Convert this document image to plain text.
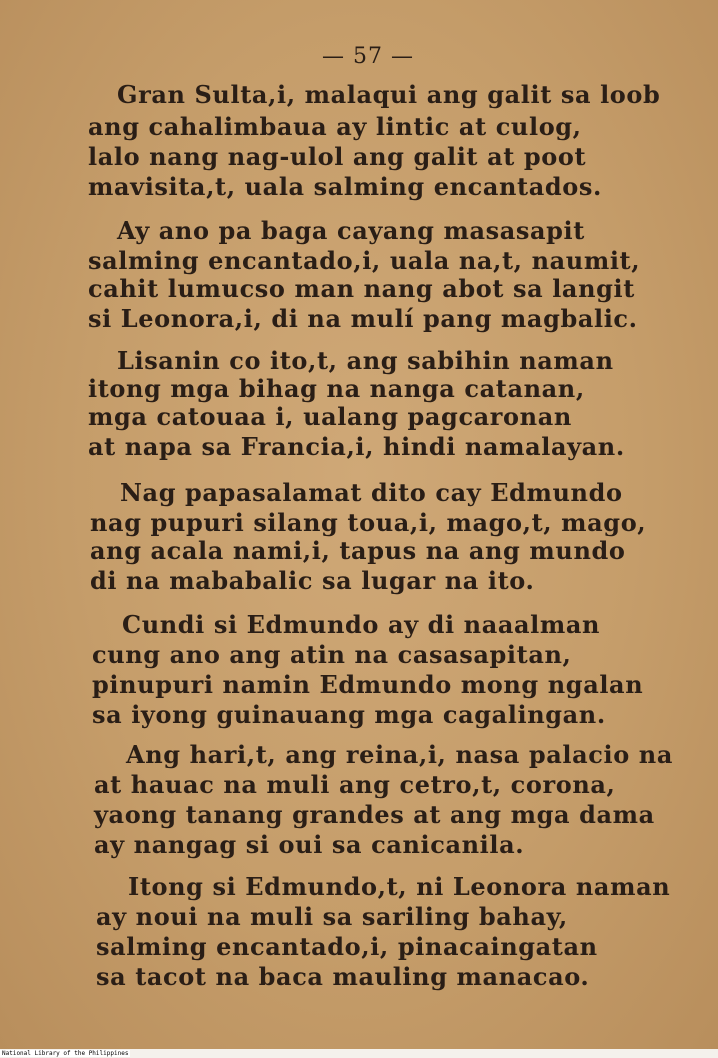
— 57 —
Gran Sulta,i, malaqui ang galit sa loob
ang cahalimbaua ay lintic at culog,
lalo nang nag-ulol ang galit at poot
mavisita,t, uala salming encantados.
Ay ano pa baga cayang masasapit
salming encantado,i, uala na,t, naumit,
cahit lumucso man nang abot sa langit
si Leonora,i, di na mulí pang magbalic.
Lisanin co ito,t, ang sabihin naman
itong mga bihag na nanga catanan,
mga catouaa i, ualang pagcaronan
at napa sa Francia,i, hindi namalayan.
Nag papasalamat dito cay Edmundo
nag pupuri silang toua,i, mago,t, mago,
ang acala nami,i, tapus na ang mundo
di na mababalic sa lugar na ito.
Cundi si Edmundo ay di naaalman
cung ano ang atin na casasapitan,
pinupuri namin Edmundo mong ngalan
sa iyong guinauang mga cagalingan.
Ang hari,t, ang reina,i, nasa palacio na
at hauac na muli ang cetro,t, corona,
yaong tanang grandes at ang mga dama
ay nangag si oui sa canicanila.
Itong si Edmundo,t, ni Leonora naman
ay noui na muli sa sariling bahay,
salming encantado,i, pinacaingatan
sa tacot na baca mauling manacao.
National Library of the Philippines
